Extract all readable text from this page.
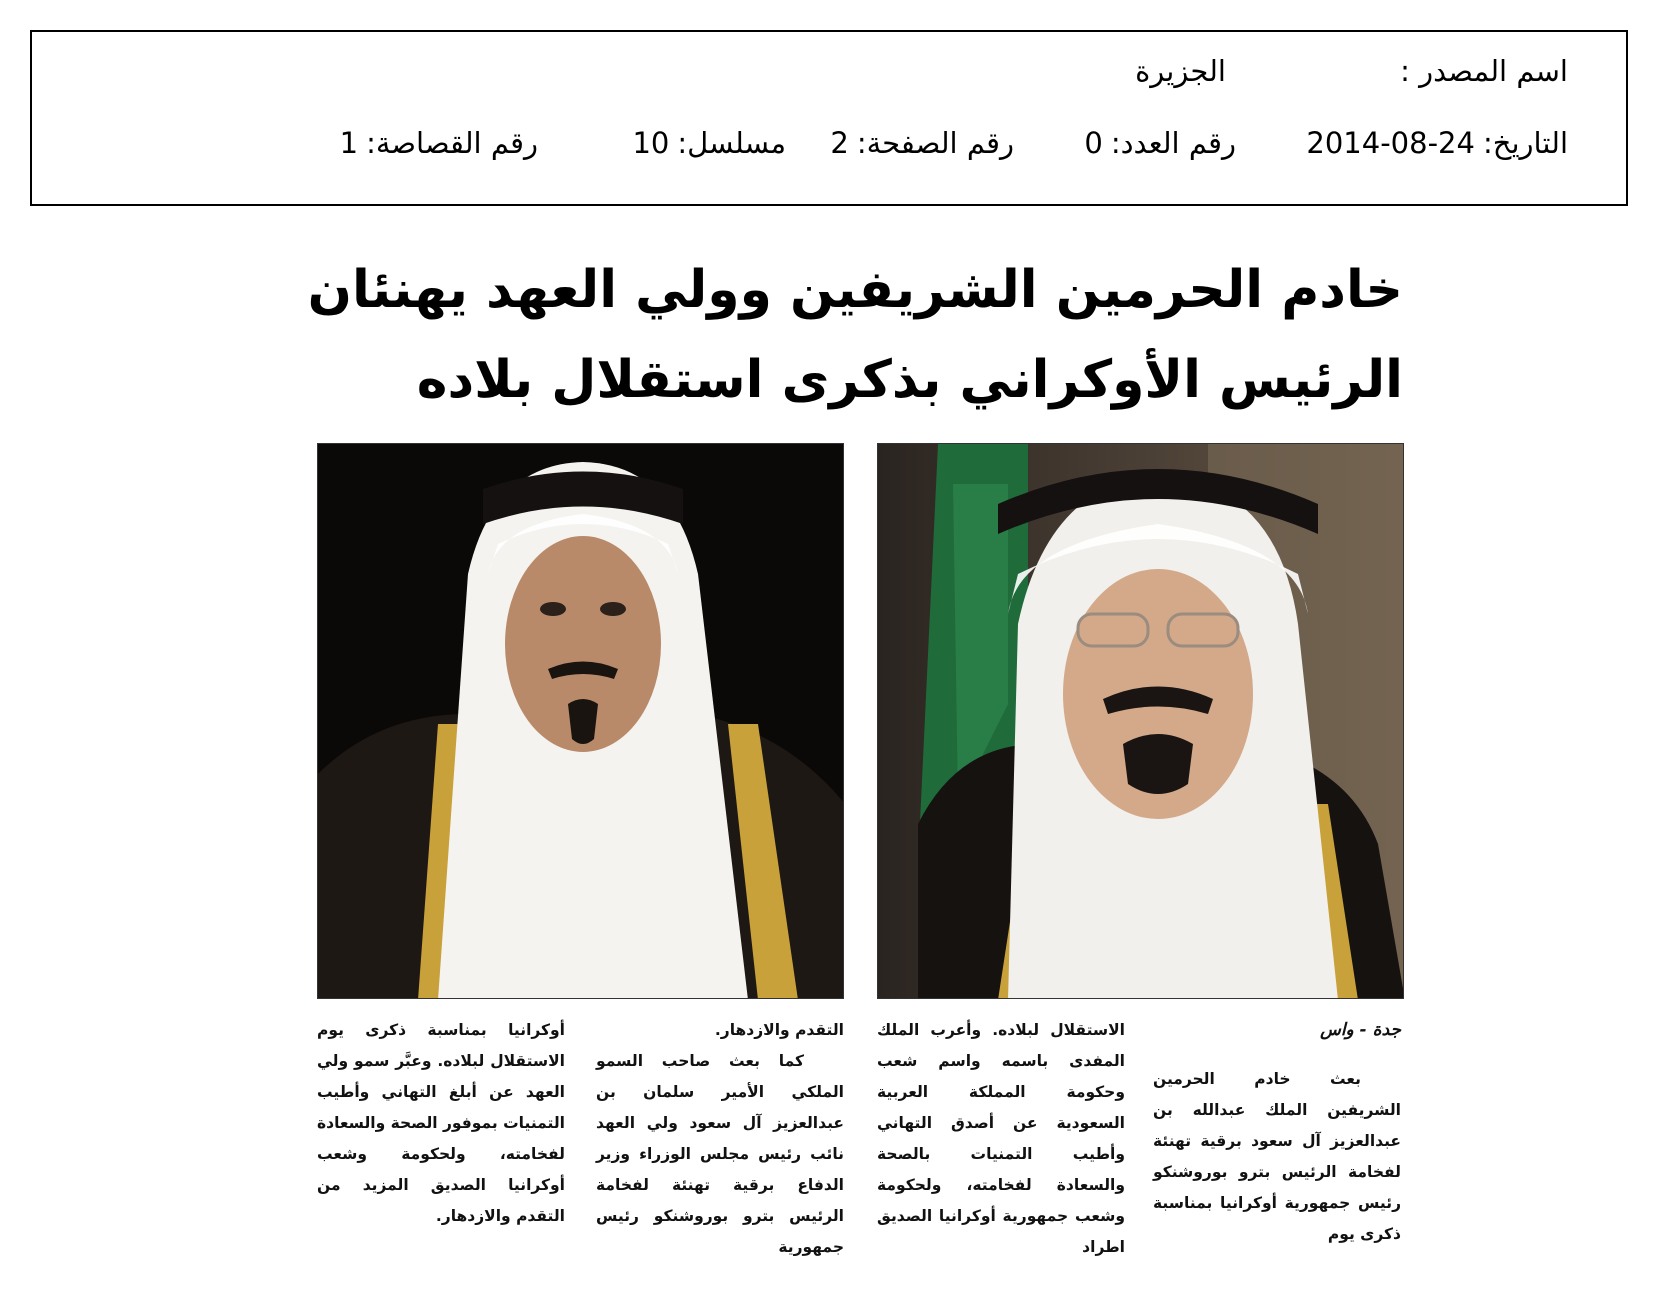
اسم المصدر :
الجزيرة
التاريخ:2014-08-24
رقم العدد:0
رقم الصفحة:2
مسلسل:10
رقم القصاصة:1
خادم الحرمين الشريفين وولي العهد يهنئان
الرئيس الأوكراني بذكرى استقلال بلاده

جدة - واس

بعث خادم الحرمين الشريفين الملك عبدالله بن عبدالعزيز آل سعود برقية تهنئة لفخامة الرئيس بترو بوروشنكو رئيس جمهورية أوكرانيا بمناسبة ذكرى يوم

الاستقلال لبلاده. وأعرب الملك المفدى باسمه واسم شعب وحكومة المملكة العربية السعودية عن أصدق التهاني وأطيب التمنيات بالصحة والسعادة لفخامته، ولحكومة وشعب جمهورية أوكرانيا الصديق اطراد

التقدم والازدهار.

كما بعث صاحب السمو الملكي الأمير سلمان بن عبدالعزيز آل سعود ولي العهد نائب رئيس مجلس الوزراء وزير الدفاع برقية تهنئة لفخامة الرئيس بترو بوروشنكو رئيس جمهورية

أوكرانيا بمناسبة ذكرى يوم الاستقلال لبلاده. وعبَّر سمو ولي العهد عن أبلغ التهاني وأطيب التمنيات بموفور الصحة والسعادة لفخامته، ولحكومة وشعب أوكرانيا الصديق المزيد من التقدم والازدهار.
